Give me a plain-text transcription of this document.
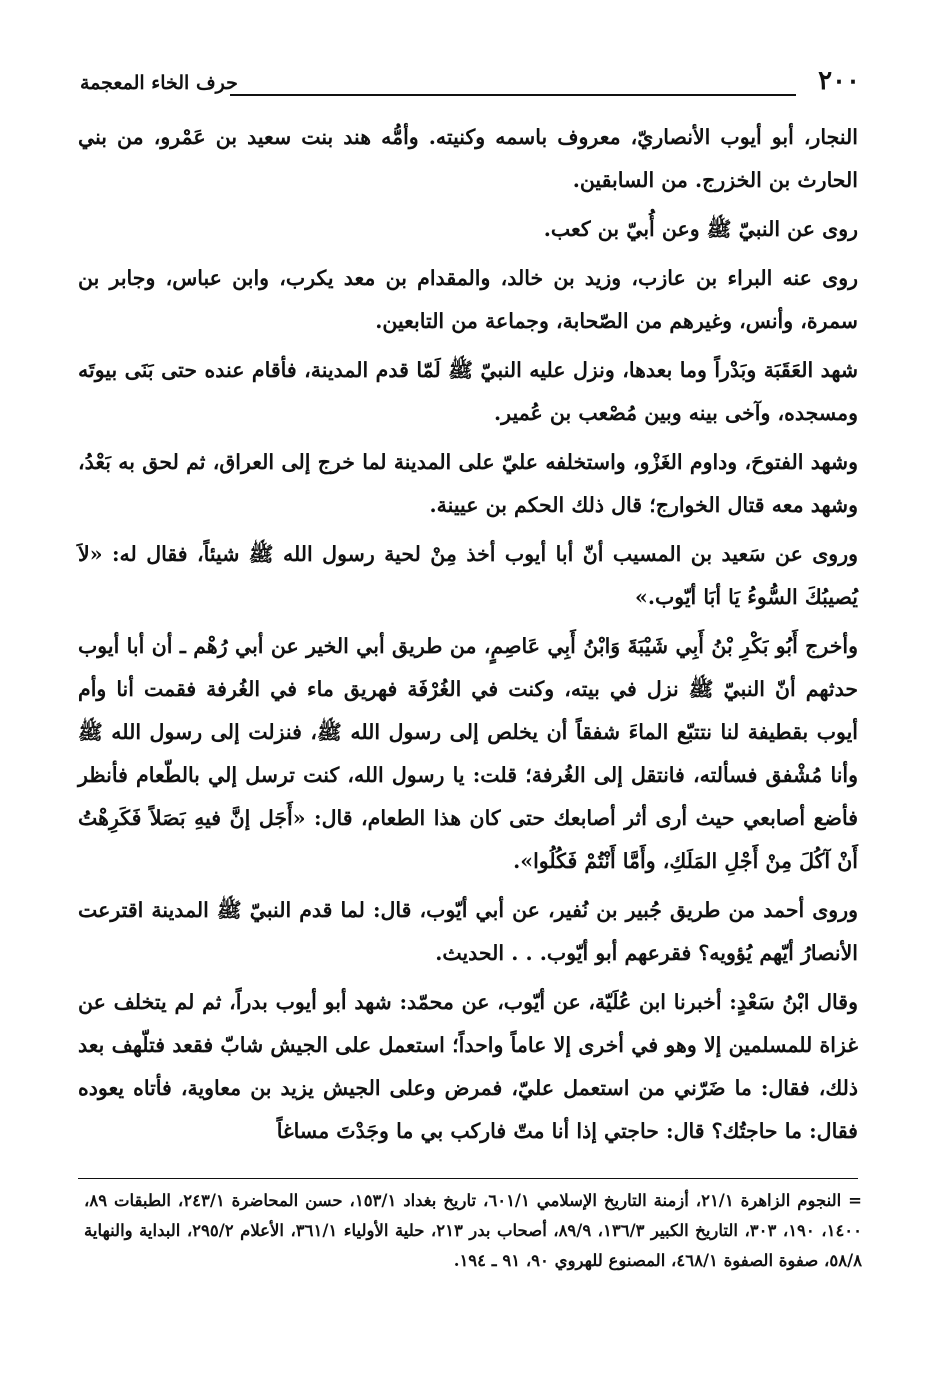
٢٠٠
حرف الخاء المعجمة

النجار، أبو أيوب الأنصاريّ، معروف باسمه وكنيته. وأمُّه هند بنت سعيد بن عَمْرو، من بني الحارث بن الخزرج. من السابقين.

روى عن النبيّ ﷺ وعن أُبيّ بن كعب.

روى عنه البراء بن عازب، وزيد بن خالد، والمقدام بن معد يكرب، وابن عباس، وجابر بن سمرة، وأنس، وغيرهم من الصّحابة، وجماعة من التابعين.

شهد العَقَبَة وبَدْراً وما بعدها، ونزل عليه النبيّ ﷺ لَمّا قدم المدينة، فأقام عنده حتى بَنَى بيوتَه ومسجده، وآخى بينه وبين مُصْعب بن عُمير.

وشهد الفتوحَ، وداوم الغَزْو، واستخلفه عليّ على المدينة لما خرج إلى العراق، ثم لحق به بَعْدُ، وشهد معه قتال الخوارج؛ قال ذلك الحكم بن عيينة.

وروى عن سَعيد بن المسيب أنّ أبا أيوب أخذ مِنْ لحية رسول الله ﷺ شيئاً، فقال له: «لاَ يُصيبُكَ السُّوءُ يَا أبَا أيّوب.»

وأخرج أَبُو بَكْرِ بْنُ أَبِي شَيْبَةَ وَابْنُ أَبِي عَاصِمٍ، من طريق أبي الخير عن أبي رُهْم ـ أن أبا أيوب حدثهم أنّ النبيّ ﷺ نزل في بيته، وكنت في الغُرْفَة فهريق ماء في الغُرفة فقمت أنا وأم أيوب بقطيفة لنا نتتبّع الماءَ شفقاً أن يخلص إلى رسول الله ﷺ، فنزلت إلى رسول الله ﷺ وأنا مُشْفق فسألته، فانتقل إلى الغُرفة؛ قلت: يا رسول الله، كنت ترسل إلي بالطّعام فأنظر فأضع أصابعي حيث أرى أثر أصابعك حتى كان هذا الطعام، قال: «أَجَل إنَّ فيهِ بَصَلاً فَكَرِهْتُ أَنْ آكُلَ مِنْ أَجْلِ المَلَكِ، وأَمَّا أَنْتُمْ فَكُلُوا».

وروى أحمد من طريق جُبير بن نُفير، عن أبي أيّوب، قال: لما قدم النبيّ ﷺ المدينة اقترعت الأنصارُ أيّهم يُؤويه؟ فقرعهم أبو أيّوب. . . الحديث.

وقال ابْنُ سَعْدٍ: أخبرنا ابن عُلَيّة، عن أيّوب، عن محمّد: شهد أبو أيوب بدراً، ثم لم يتخلف عن غزاة للمسلمين إلا وهو في أخرى إلا عاماً واحداً؛ استعمل على الجيش شابّ فقعد فتلّهف بعد ذلك، فقال: ما ضَرّني من استعمل عليّ، فمرض وعلى الجيش يزيد بن معاوية، فأتاه يعوده فقال: ما حاجتُك؟ قال: حاجتي إذا أنا متّ فاركب بي ما وجَدْتَ مساغاً

= النجوم الزاهرة ٢١/١، أزمنة التاريخ الإسلامي ٦٠١/١، تاريخ بغداد ١٥٣/١، حسن المحاضرة ٢٤٣/١، الطبقات ٨٩، ١٤٠٠، ١٩٠، ٣٠٣، التاريخ الكبير ١٣٦/٣، ٨٩/٩، أصحاب بدر ٢١٣، حلية الأولياء ٣٦١/١، الأعلام ٢٩٥/٢، البداية والنهاية ٥٨/٨، صفوة الصفوة ٤٦٨/١، المصنوع للهروي ٩٠، ٩١ ـ ١٩٤.
